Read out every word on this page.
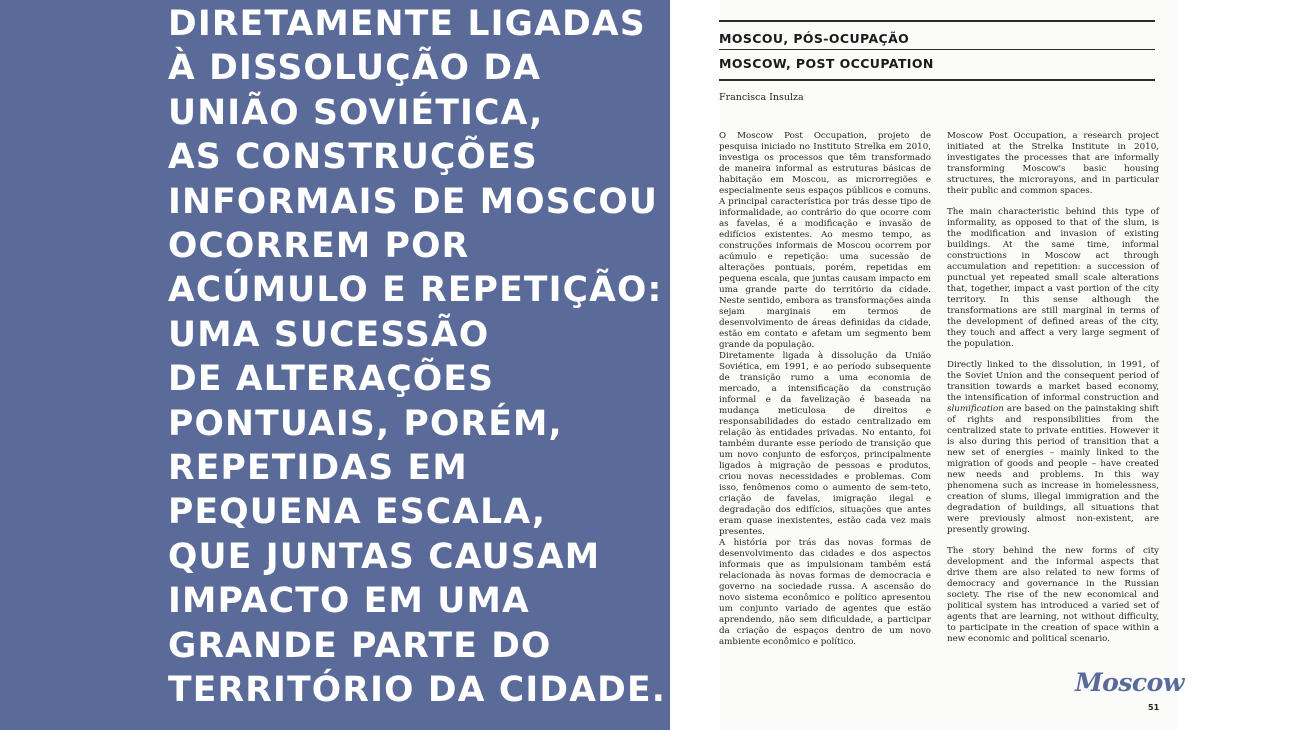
DIRETAMENTE LIGADAS
À DISSOLUÇÃO DA
UNIÃO SOVIÉTICA,
AS CONSTRUÇÕES
INFORMAIS DE MOSCOU
OCORREM POR
ACÚMULO E REPETIÇÃO:
UMA SUCESSÃO
DE ALTERAÇÕES
PONTUAIS, PORÉM,
REPETIDAS EM
PEQUENA ESCALA,
QUE JUNTAS CAUSAM
IMPACTO EM UMA
GRANDE PARTE DO
TERRITÓRIO DA CIDADE.
MOSCOU, PÓS-OCUPAÇÃO
MOSCOW, POST OCCUPATION
Francisca Insulza

O Moscow Post Occupation, projeto de pesquisa iniciado no Instituto Strelka em 2010, investiga os processos que têm transformado de maneira informal as estruturas básicas de habitação em Moscou, as microrregiões e especialmente seus espaços públicos e comuns. A principal característica por trás desse tipo de informalidade, ao contrário do que ocorre com as favelas, é a modificação e invasão de edifícios existentes. Ao mesmo tempo, as construções informais de Moscou ocorrem por acúmulo e repetição: uma sucessão de alterações pontuais, porém, repetidas em pequena escala, que juntas causam impacto em uma grande parte do território da cidade. Neste sentido, embora as transformações ainda sejam marginais em termos de desenvolvimento de áreas definidas da cidade, estão em contato e afetam um segmento bem grande da população.

Diretamente ligada à dissolução da União Soviética, em 1991, e ao período subsequente de transição rumo a uma economia de mercado, a intensificação da construção informal e da favelização é baseada na mudança meticulosa de direitos e responsabilidades do estado centralizado em relação às entidades privadas. No entanto, foi também durante esse período de transição que um novo conjunto de esforços, principalmente ligados à migração de pessoas e produtos, criou novas necessidades e problemas. Com isso, fenômenos como o aumento de sem-teto, criação de favelas, imigração ilegal e degradação dos edifícios, situações que antes eram quase inexistentes, estão cada vez mais presentes.

A história por trás das novas formas de desenvolvimento das cidades e dos aspectos informais que as impulsionam também está relacionada às novas formas de democracia e governo na sociedade russa. A ascensão do novo sistema econômico e político apresentou um conjunto variado de agentes que estão aprendendo, não sem dificuldade, a participar da criação de espaços dentro de um novo ambiente econômico e político.

Moscow Post Occupation, a research project initiated at the Strelka Institute in 2010, investigates the processes that are informally transforming Moscow's basic housing structures, the microrayons, and in particular their public and common spaces.

The main characteristic behind this type of informality, as opposed to that of the slum, is the modification and invasion of existing buildings. At the same time, informal constructions in Moscow act through accumulation and repetition: a succession of punctual yet repeated small scale alterations that, together, impact a vast portion of the city territory. In this sense although the transformations are still marginal in terms of the development of defined areas of the city, they touch and affect a very large segment of the population.

Directly linked to the dissolution, in 1991, of the Soviet Union and the consequent period of transition towards a market based economy, the intensification of informal construction and slumification are based on the painstaking shift of rights and responsibilities from the centralized state to private entities. However it is also during this period of transition that a new set of energies – mainly linked to the migration of goods and people – have created new needs and problems. In this way phenomena such as increase in homelessness, creation of slums, illegal immigration and the degradation of buildings, all situations that were previously almost non-existent, are presently growing.

The story behind the new forms of city development and the informal aspects that drive them are also related to new forms of democracy and governance in the Russian society. The rise of the new economical and political system has introduced a varied set of agents that are learning, not without difficulty, to participate in the creation of space within a new economic and political scenario.

Moscow
51
